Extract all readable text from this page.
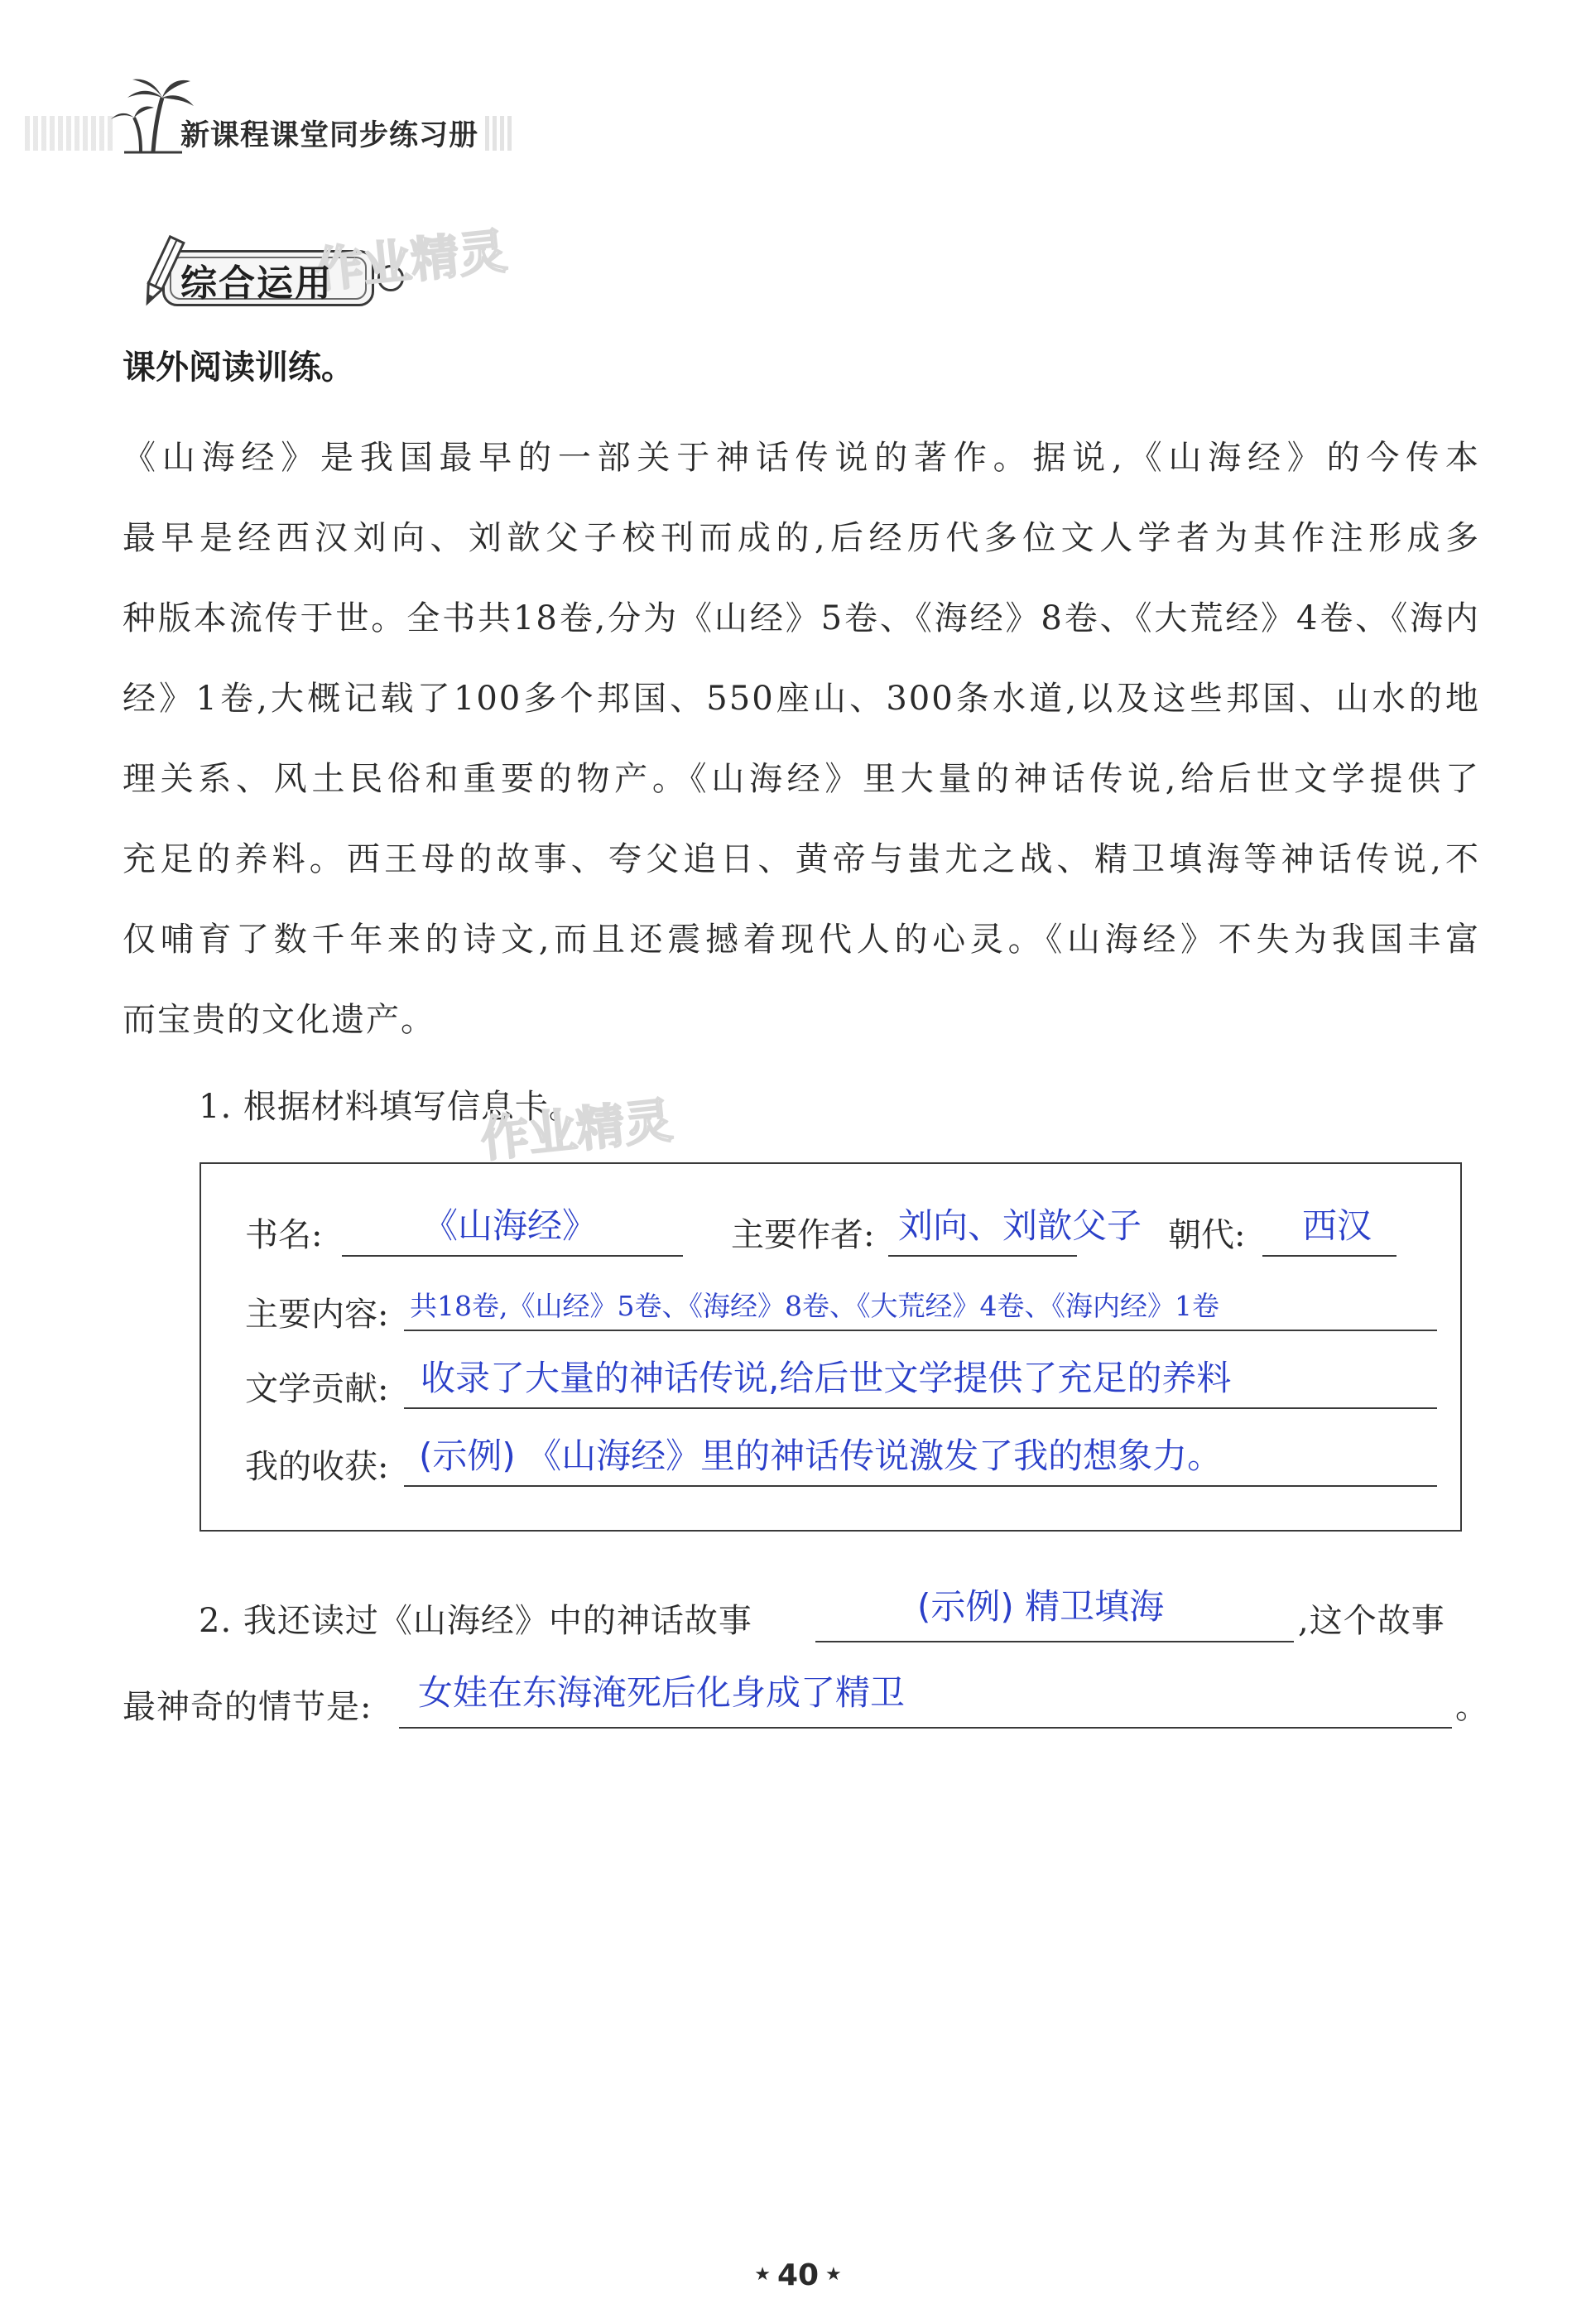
新课程课堂同步练习册
综合运用
作业精灵
课外阅读训练。
《山海经》是我国最早的一部关于神话传说的著作。据说,《山海经》的今传本
最早是经西汉刘向、刘歆父子校刊而成的,后经历代多位文人学者为其作注形成多
种版本流传于世。全书共18卷,分为《山经》5卷、《海经》8卷、《大荒经》4卷、《海内
经》1卷,大概记载了100多个邦国、550座山、300条水道,以及这些邦国、山水的地
理关系、风土民俗和重要的物产。《山海经》里大量的神话传说,给后世文学提供了
充足的养料。西王母的故事、夸父追日、黄帝与蚩尤之战、精卫填海等神话传说,不
仅哺育了数千年来的诗文,而且还震撼着现代人的心灵。《山海经》不失为我国丰富
而宝贵的文化遗产。
1. 根据材料填写信息卡。
作业精灵
书名:	《山海经》	主要作者: 刘向、刘歆父子 朝代: 西汉
主要内容: 共18卷,《山经》5卷、《海经》8卷、《大荒经》4卷、《海内经》1卷
文学贡献: 收录了大量的神话传说,给后世文学提供了充足的养料
我的收获: (示例) 《山海经》里的神话传说激发了我的想象力。
2. 我还读过《山海经》中的神话故事	(示例) 精卫填海	,这个故事
最神奇的情节是: 女娃在东海淹死后化身成了精卫	。
★ 40 ★
